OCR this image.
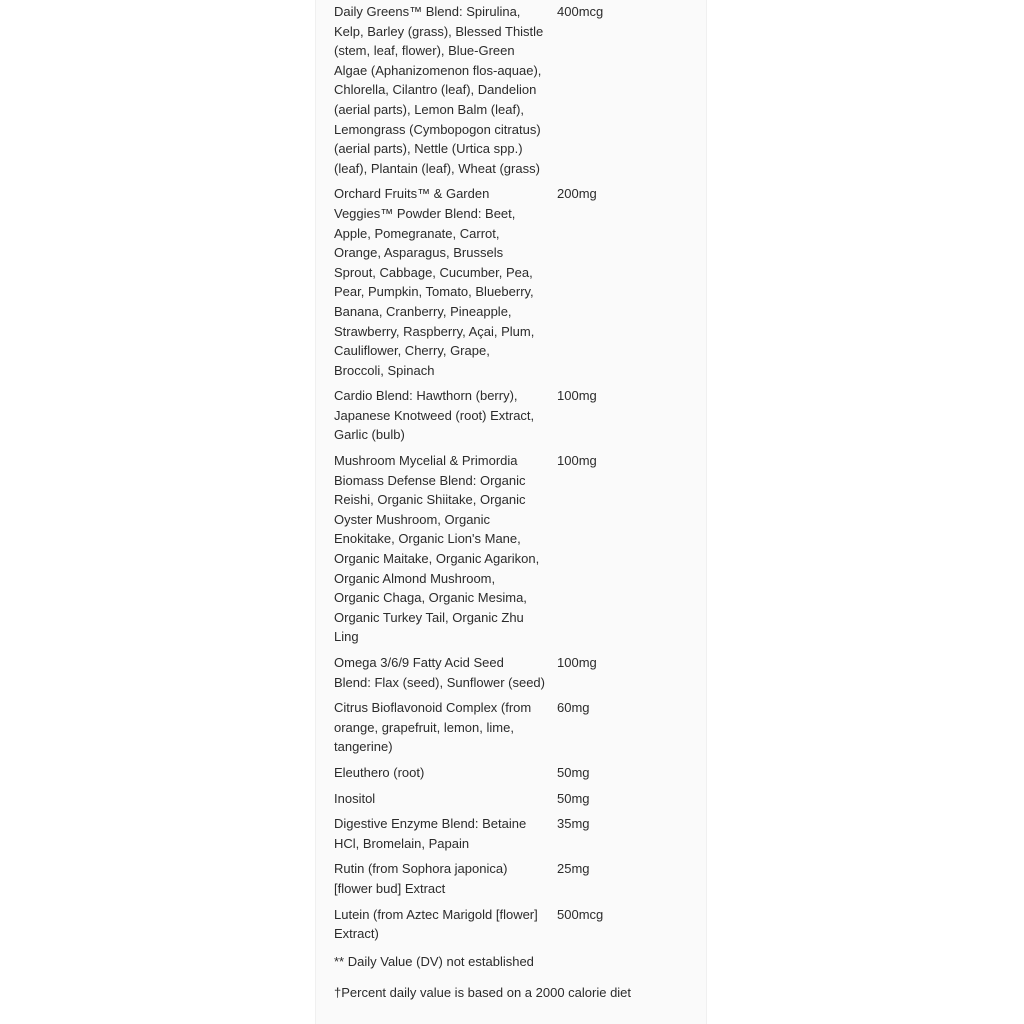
Daily Greens™ Blend: Spirulina,
Kelp, Barley (grass), Blessed Thistle
(stem, leaf, flower), Blue-Green
Algae (Aphanizomenon flos-aquae),
Chlorella, Cilantro (leaf), Dandelion
(aerial parts), Lemon Balm (leaf),
Lemongrass (Cymbopogon citratus)
(aerial parts), Nettle (Urtica spp.)
(leaf), Plantain (leaf), Wheat (grass)
400mcg
Orchard Fruits™ & Garden
Veggies™ Powder Blend: Beet,
Apple, Pomegranate, Carrot,
Orange, Asparagus, Brussels
Sprout, Cabbage, Cucumber, Pea,
Pear, Pumpkin, Tomato, Blueberry,
Banana, Cranberry, Pineapple,
Strawberry, Raspberry, Açai, Plum,
Cauliflower, Cherry, Grape,
Broccoli, Spinach
200mg
Cardio Blend: Hawthorn (berry),
Japanese Knotweed (root) Extract,
Garlic (bulb)
100mg
Mushroom Mycelial & Primordia
Biomass Defense Blend: Organic
Reishi, Organic Shiitake, Organic
Oyster Mushroom, Organic
Enokitake, Organic Lion's Mane,
Organic Maitake, Organic Agarikon,
Organic Almond Mushroom,
Organic Chaga, Organic Mesima,
Organic Turkey Tail, Organic Zhu
Ling
100mg
Omega 3/6/9 Fatty Acid Seed
Blend: Flax (seed), Sunflower (seed)
100mg
Citrus Bioflavonoid Complex (from
orange, grapefruit, lemon, lime,
tangerine)
60mg
Eleuthero (root)	50mg
Inositol	50mg
Digestive Enzyme Blend: Betaine
HCl, Bromelain, Papain
35mg
Rutin (from Sophora japonica)
[flower bud] Extract
25mg
Lutein (from Aztec Marigold [flower]
Extract)
500mcg
** Daily Value (DV) not established
†Percent daily value is based on a 2000 calorie diet
